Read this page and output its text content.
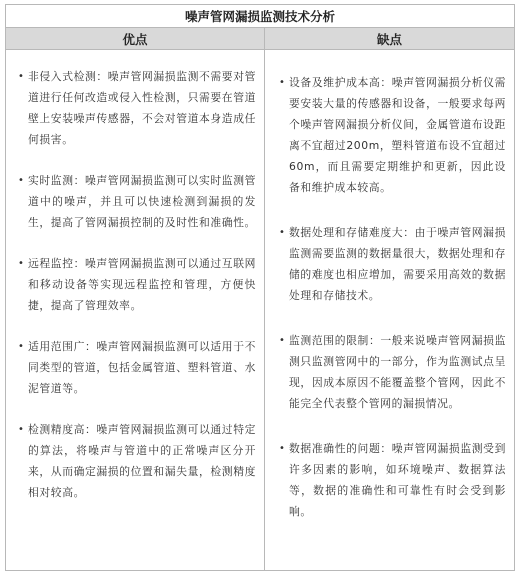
噪声管网漏损监测技术分析
优点	缺点
• 非侵入式检测：噪声管网漏损监测不需要对管道进行任何改造或侵入性检测，只需要在管道壁上安装噪声传感器，不会对管道本身造成任何损害。
• 实时监测：噪声管网漏损监测可以实时监测管道中的噪声，并且可以快速检测到漏损的发生，提高了管网漏损控制的及时性和准确性。
• 远程监控：噪声管网漏损监测可以通过互联网和移动设备等实现远程监控和管理，方便快捷，提高了管理效率。
• 适用范围广：噪声管网漏损监测可以适用于不同类型的管道，包括金属管道、塑料管道、水泥管道等。
• 检测精度高：噪声管网漏损监测可以通过特定的算法，将噪声与管道中的正常噪声区分开来，从而确定漏损的位置和漏失量，检测精度相对较高。
• 设备及维护成本高：噪声管网漏损分析仪需要安装大量的传感器和设备，一般要求每两个噪声管网漏损分析仪间，金属管道布设距离不宜超过200m，塑料管道布设不宜超过60m，而且需要定期维护和更新，因此设备和维护成本较高。
• 数据处理和存储难度大：由于噪声管网漏损监测需要监测的数据量很大，数据处理和存储的难度也相应增加，需要采用高效的数据处理和存储技术。
• 监测范围的限制：一般来说噪声管网漏损监测只监测管网中的一部分，作为监测试点呈现，因成本原因不能覆盖整个管网，因此不能完全代表整个管网的漏损情况。
• 数据准确性的问题：噪声管网漏损监测受到许多因素的影响，如环境噪声、数据算法等，数据的准确性和可靠性有时会受到影响。
